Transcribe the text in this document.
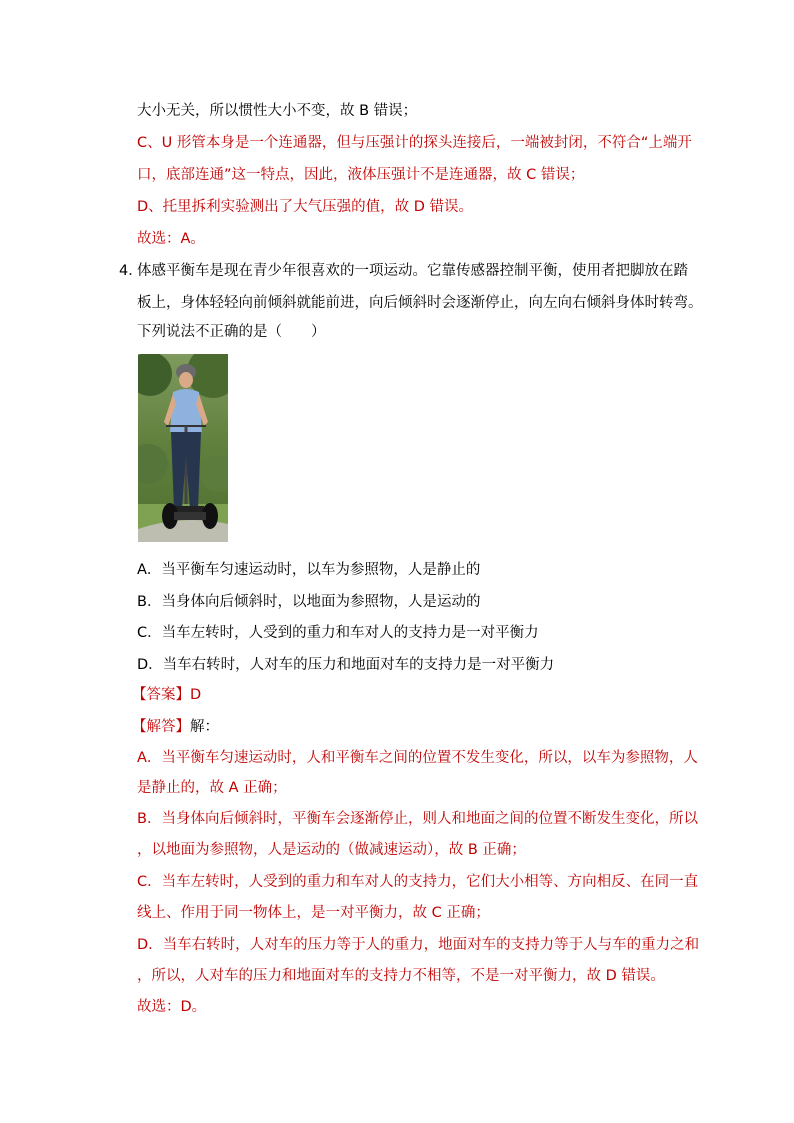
大小无关，所以惯性大小不变，故 B 错误；
C、U 形管本身是一个连通器，但与压强计的探头连接后，一端被封闭，不符合“上端开
口，底部连通”这一特点，因此，液体压强计不是连通器，故 C 错误；
D、托里拆利实验测出了大气压强的值，故 D 错误。
故选：A。
4．
体感平衡车是现在青少年很喜欢的一项运动。它靠传感器控制平衡，使用者把脚放在踏
板上，身体轻轻向前倾斜就能前进，向后倾斜时会逐渐停止，向左向右倾斜身体时转弯。
下列说法不正确的是（　　）
A．当平衡车匀速运动时，以车为参照物，人是静止的
B．当身体向后倾斜时，以地面为参照物，人是运动的
C．当车左转时，人受到的重力和车对人的支持力是一对平衡力
D．当车右转时，人对车的压力和地面对车的支持力是一对平衡力
【答案】D
【解答】解：
A．当平衡车匀速运动时，人和平衡车之间的位置不发生变化，所以，以车为参照物，人
是静止的，故 A 正确；
B．当身体向后倾斜时，平衡车会逐渐停止，则人和地面之间的位置不断发生变化，所以
，以地面为参照物，人是运动的（做减速运动），故 B 正确；
C．当车左转时，人受到的重力和车对人的支持力，它们大小相等、方向相反、在同一直
线上、作用于同一物体上，是一对平衡力，故 C 正确；
D．当车右转时，人对车的压力等于人的重力，地面对车的支持力等于人与车的重力之和
，所以，人对车的压力和地面对车的支持力不相等，不是一对平衡力，故 D 错误。
故选：D。
